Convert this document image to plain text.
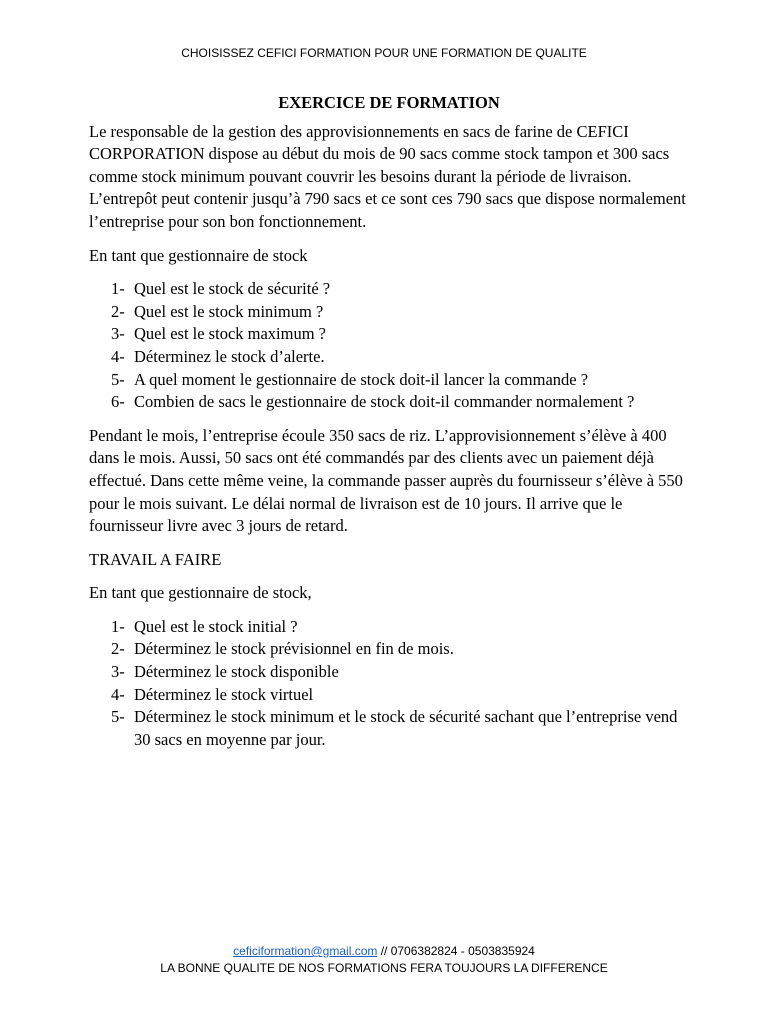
CHOISISSEZ CEFICI FORMATION POUR UNE FORMATION DE QUALITE
EXERCICE DE FORMATION

Le responsable de la gestion des approvisionnements en sacs de farine de CEFICI CORPORATION dispose au début du mois de 90 sacs comme stock tampon et 300 sacs comme stock minimum pouvant couvrir les besoins durant la période de livraison. L’entrepôt peut contenir jusqu’à 790 sacs et ce sont ces 790 sacs que dispose normalement l’entreprise pour son bon fonctionnement.

En tant que gestionnaire de stock

1- Quel est le stock de sécurité ?
2- Quel est le stock minimum ?
3- Quel est le stock maximum ?
4- Déterminez le stock d’alerte.
5- A quel moment le gestionnaire de stock doit-il lancer la commande ?
6- Combien de sacs le gestionnaire de stock doit-il commander normalement ?

Pendant le mois, l’entreprise écoule 350 sacs de riz. L’approvisionnement s’élève à 400 dans le mois. Aussi, 50 sacs ont été commandés par des clients avec un paiement déjà effectué. Dans cette même veine, la commande passer auprès du fournisseur s’élève à 550 pour le mois suivant. Le délai normal de livraison est de 10 jours. Il arrive que le fournisseur livre avec 3 jours de retard.

TRAVAIL A FAIRE

En tant que gestionnaire de stock,

1- Quel est le stock initial ?
2- Déterminez le stock prévisionnel en fin de mois.
3- Déterminez le stock disponible
4- Déterminez le stock virtuel
5- Déterminez le stock minimum et le stock de sécurité sachant que l’entreprise vend 30 sacs en moyenne par jour.
ceficiformation@gmail.com // 0706382824 - 0503835924
LA BONNE QUALITE DE NOS FORMATIONS FERA TOUJOURS LA DIFFERENCE
